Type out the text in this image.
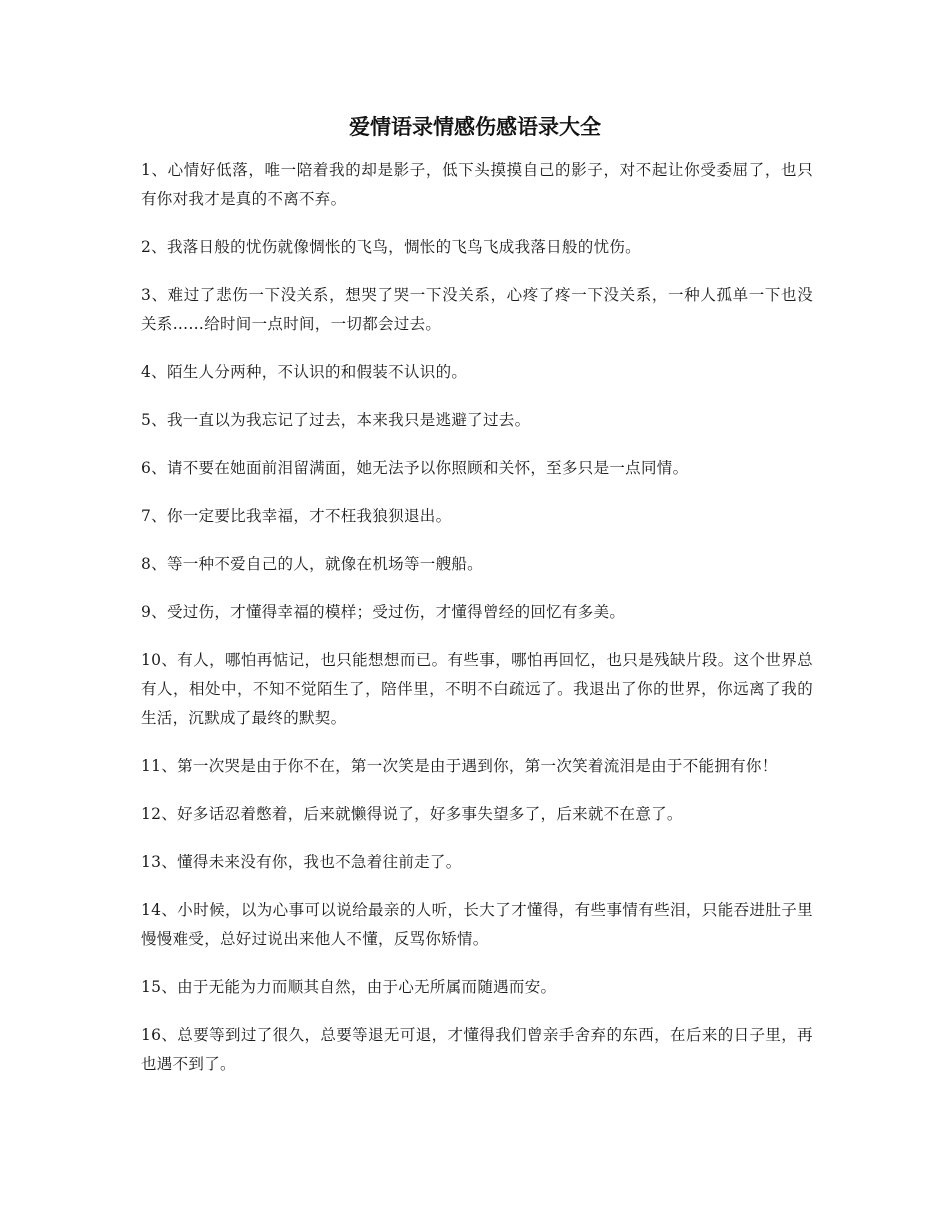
爱情语录情感伤感语录大全
1、心情好低落，唯一陪着我的却是影子，低下头摸摸自己的影子，对不起让你受委屈了，也只有你对我才是真的不离不弃。
2、我落日般的忧伤就像惆怅的飞鸟，惆怅的飞鸟飞成我落日般的忧伤。
3、难过了悲伤一下没关系，想哭了哭一下没关系，心疼了疼一下没关系，一种人孤单一下也没关系……给时间一点时间，一切都会过去。
4、陌生人分两种，不认识的和假装不认识的。
5、我一直以为我忘记了过去，本来我只是逃避了过去。
6、请不要在她面前泪留满面，她无法予以你照顾和关怀，至多只是一点同情。
7、你一定要比我幸福，才不枉我狼狈退出。
8、等一种不爱自己的人，就像在机场等一艘船。
9、受过伤，才懂得幸福的模样；受过伤，才懂得曾经的回忆有多美。
10、有人，哪怕再惦记，也只能想想而已。有些事，哪怕再回忆，也只是残缺片段。这个世界总有人，相处中，不知不觉陌生了，陪伴里，不明不白疏远了。我退出了你的世界，你远离了我的生活，沉默成了最终的默契。
11、第一次哭是由于你不在，第一次笑是由于遇到你，第一次笑着流泪是由于不能拥有你！
12、好多话忍着憋着，后来就懒得说了，好多事失望多了，后来就不在意了。
13、懂得未来没有你，我也不急着往前走了。
14、小时候，以为心事可以说给最亲的人听，长大了才懂得，有些事情有些泪，只能吞进肚子里慢慢难受，总好过说出来他人不懂，反骂你矫情。
15、由于无能为力而顺其自然，由于心无所属而随遇而安。
16、总要等到过了很久，总要等退无可退，才懂得我们曾亲手舍弃的东西，在后来的日子里，再也遇不到了。
